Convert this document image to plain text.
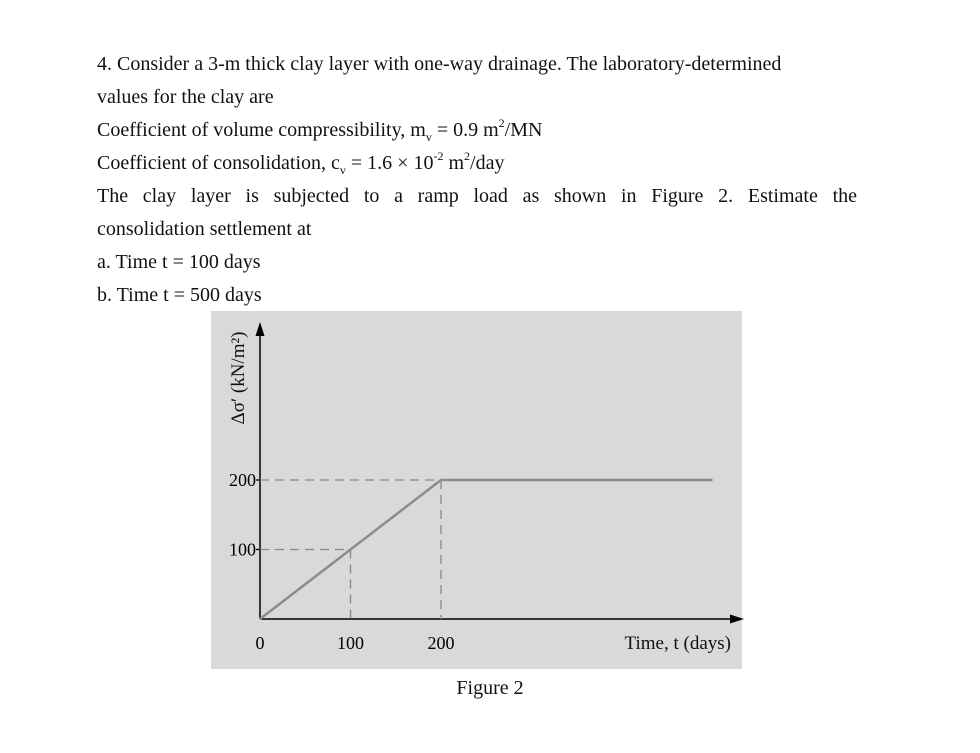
4. Consider a 3-m thick clay layer with one-way drainage. The laboratory-determined
values for the clay are
Coefficient of volume compressibility, $m_v = 0.9$ $m^2/MN$
Coefficient of consolidation, $c_v = 1.6 \times 10^{-2}$ $m^2$/day
The clay layer is subjected to a ramp load as shown in Figure 2. Estimate the
consolidation settlement at
a. Time t = 100 days
b. Time t = 500 days
Δσ′ (kN/m²)
Time, t (days)
100
200
0	100	200
Figure 2
